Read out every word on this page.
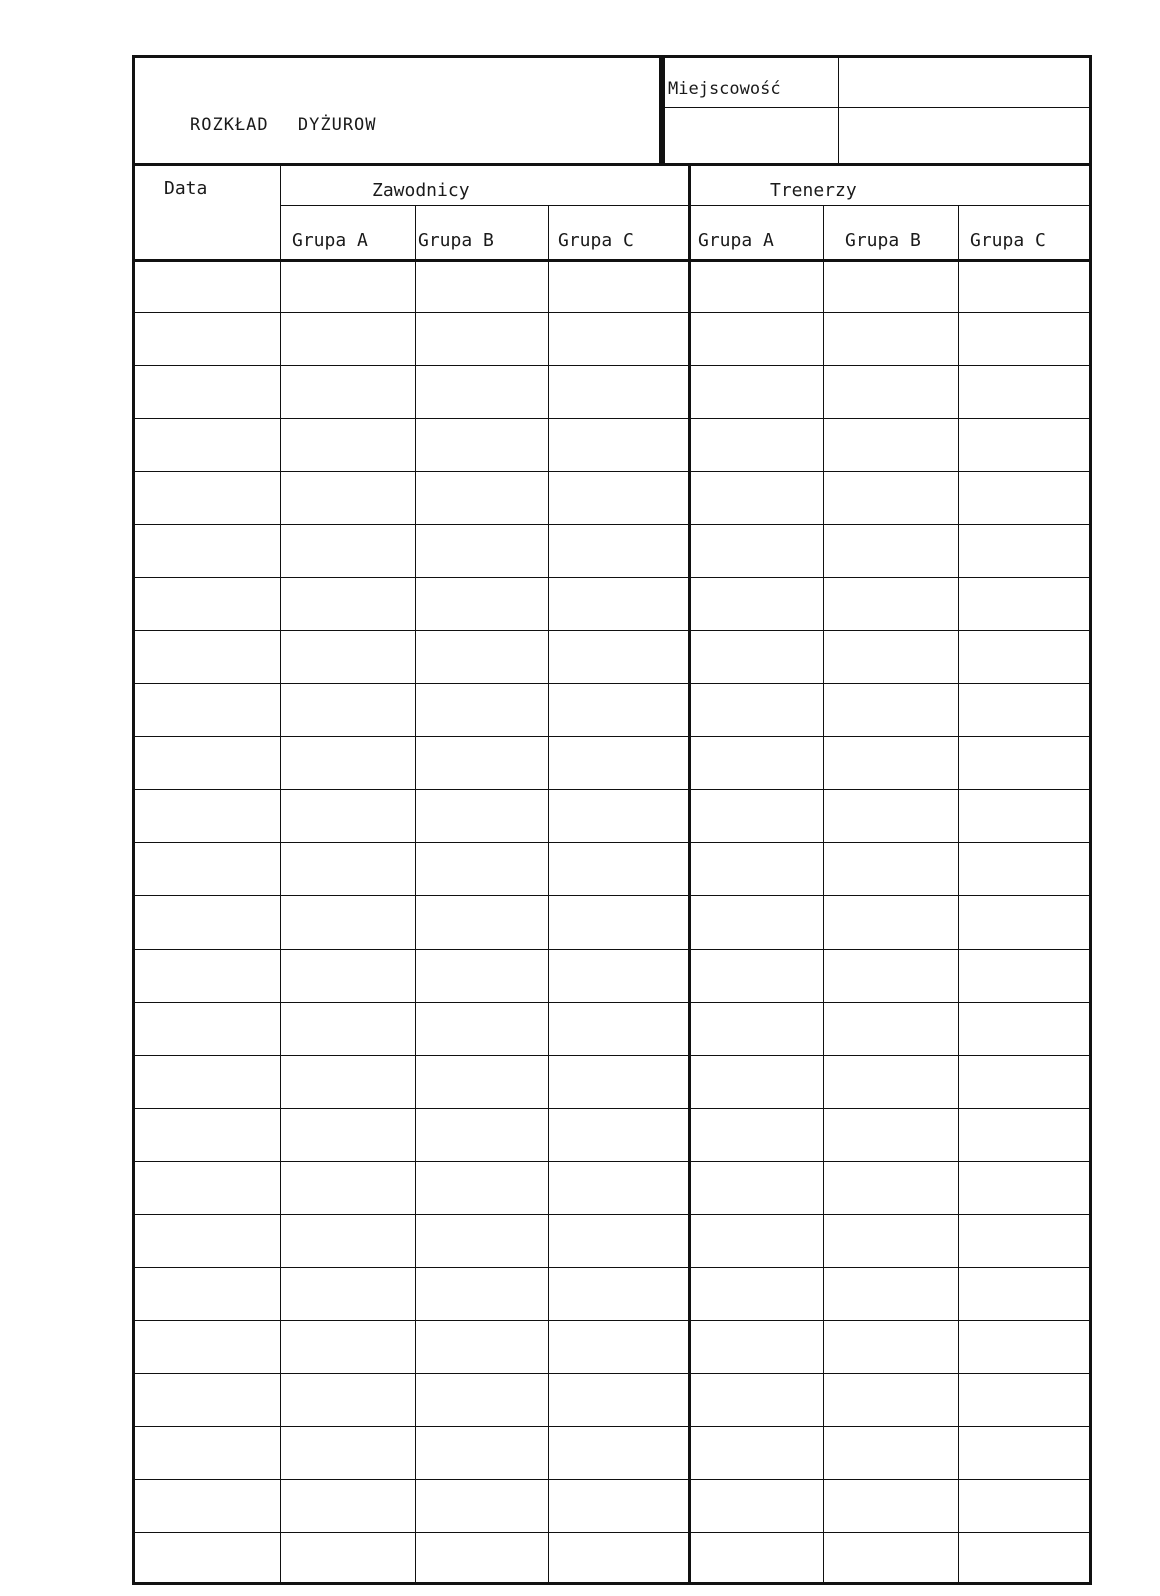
ROZKŁAD DYŻUROW
Miejscowość
Data	Zawodnicy	Trenerzy
Grupa A	Grupa B	Grupa C	Grupa A	Grupa B	Grupa C
